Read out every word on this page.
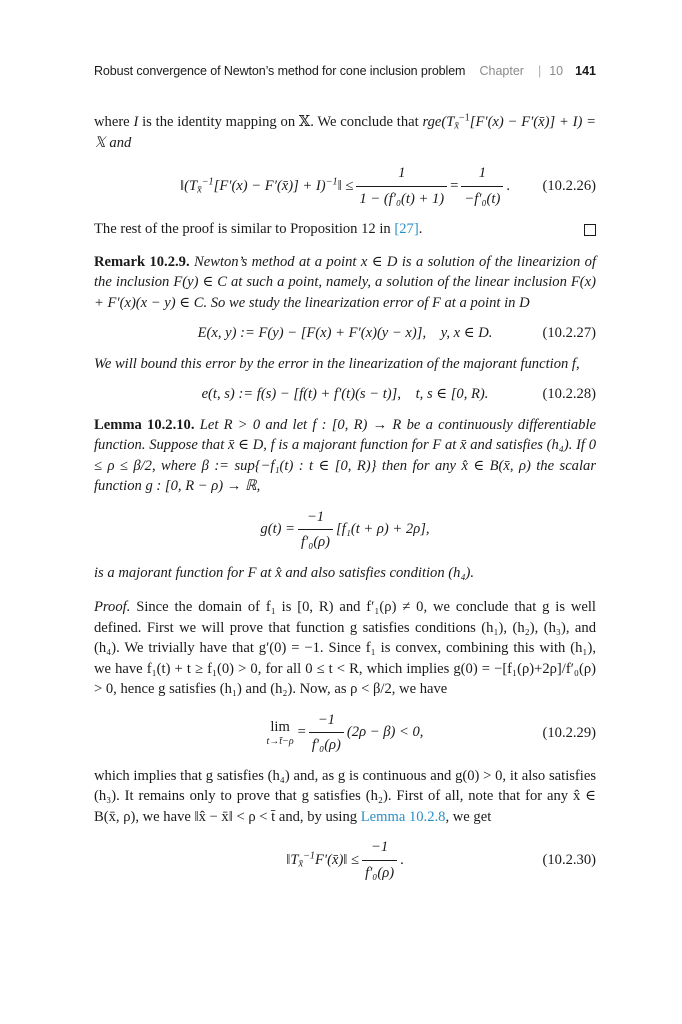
Robust convergence of Newton’s method for cone inclusion problem	Chapter | 10 141

where I is the identity mapping on 𝕏. We conclude that $rge(T_{x̄}^{-1}[F'(x)$ − F′(x̄)] + I) = 𝕏 and

$‖(T_{x̄}^{-1}[F'(x)$ − F′(x̄)] + I)$^{-1}$‖ ≤ $\frac{1}{\text{1 − (f′₀(t) + 1)}} = \frac{1}{\text{−f′₀(t)}}$ . (10.2.26)

The rest of the proof is similar to Proposition 12 in [27].

Remark 10.2.9. Newton’s method at a point x ∈ D is a solution of the linearizion of the inclusion F(y) ∈ C at such a point, namely, a solution of the linear inclusion F(x) + F′(x)(x − y) ∈ C. So we study the linearization error of F at a point in D

E(x, y) := F(y) − [F(x) + F′(x)(y − x)],    y, x ∈ D.	(10.2.27)

We will bound this error by the error in the linearization of the majorant function f,

e(t, s) := f(s) − [f(t) + f′(t)(s − t)],    t, s ∈ [0, R).	(10.2.28)

Lemma 10.2.10. Let R > 0 and let f : [0, R) → R be a continuously differentiable function. Suppose that x̄ ∈ D, f is a majorant function for F at x̄ and satisfies (h₄). If 0 ≤ ρ ≤ β/2, where β := sup{−f₁(t) : t ∈ [0, R)} then for any x̂ ∈ B(x̄, ρ) the scalar function g : [0, R − ρ) → ℝ,

$g(t) = \frac{-1}{\text{f′₀(ρ)}} [f_1(t + \rho) + 2\rho]$,

is a majorant function for F at x̂ and also satisfies condition (h₄).

Proof. Since the domain of f₁ is [0, R) and f′₁(ρ) ≠ 0, we conclude that g is well defined. First we will prove that function g satisfies conditions (h₁), (h₂), (h₃), and (h₄). We trivially have that g′(0) = −1. Since f₁ is convex, combining this with (h₁), we have f₁(t) + t ≥ f₁(0) > 0, for all 0 ≤ t < R, which implies g(0) = −[f₁(ρ)+2ρ]/f′₀(ρ) > 0, hence g satisfies (h₁) and (h₂). Now, as ρ < β/2, we have

lim
t→t̄−ρ
= $\frac{-1}{\text{f′₀(ρ)}} (2\rho - \beta) < 0$,	(10.2.29)

which implies that g satisfies (h₄) and, as g is continuous and g(0) > 0, it also satisfies (h₃). It remains only to prove that g satisfies (h₂). First of all, note that for any x̂ ∈ B(x̄, ρ), we have ‖x̂ − x̄‖ < ρ < t̄ and, by using Lemma 10.2.8, we get

$‖T_{x̄}^{-1}F'(x̄)‖ \le \frac{-1}{\text{f′₀(ρ)}}$ .	(10.2.30)
